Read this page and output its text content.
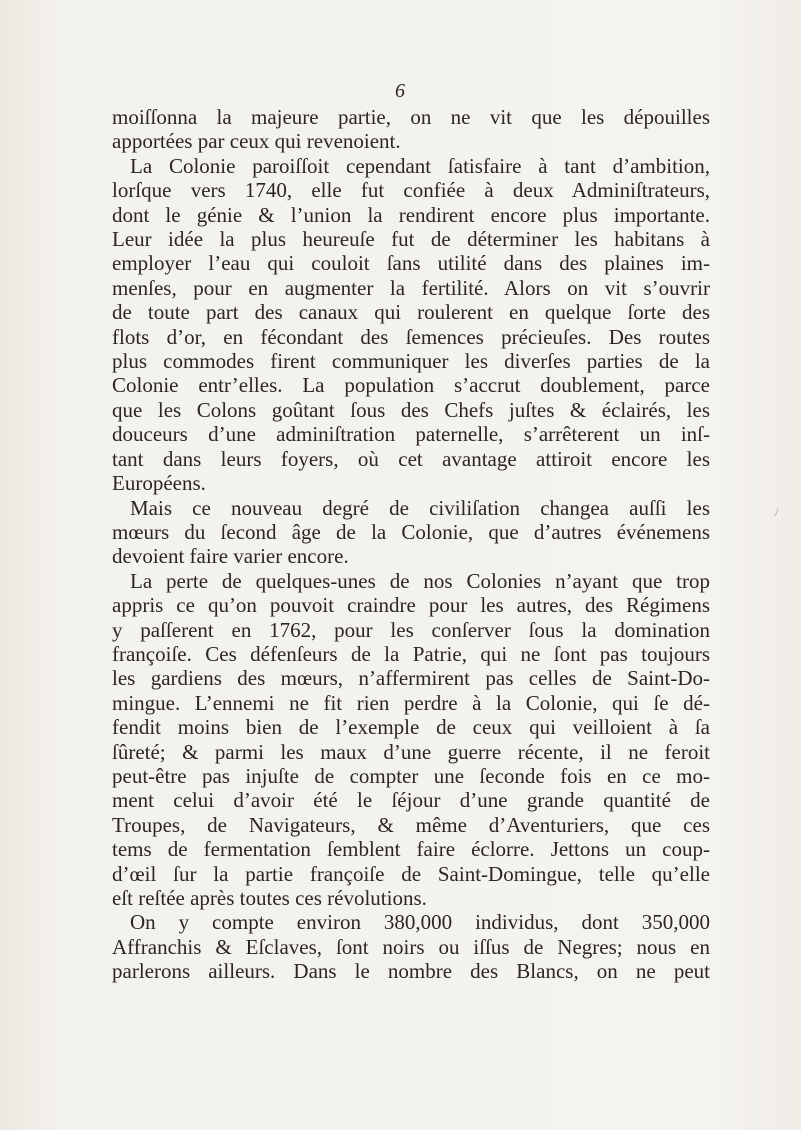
6
/
moiſſonna la majeure partie, on ne vit que les dépouilles
apportées par ceux qui revenoient.
La Colonie paroiſſoit cependant ſatisfaire à tant d’ambition,
lorſque vers 1740, elle fut confiée à deux Adminiſtrateurs,
dont le génie & l’union la rendirent encore plus importante.
Leur idée la plus heureuſe fut de déterminer les habitans à
employer l’eau qui couloit ſans utilité dans des plaines im-
menſes, pour en augmenter la fertilité. Alors on vit s’ouvrir
de toute part des canaux qui roulerent en quelque ſorte des
flots d’or, en fécondant des ſemences précieuſes. Des routes
plus commodes firent communiquer les diverſes parties de la
Colonie entr’elles. La population s’accrut doublement, parce
que les Colons goûtant ſous des Chefs juſtes & éclairés, les
douceurs d’une adminiſtration paternelle, s’arrêterent un inſ-
tant dans leurs foyers, où cet avantage attiroit encore les
Européens.
Mais ce nouveau degré de civiliſation changea auſſi les
mœurs du ſecond âge de la Colonie, que d’autres événemens
devoient faire varier encore.
La perte de quelques-unes de nos Colonies n’ayant que trop
appris ce qu’on pouvoit craindre pour les autres, des Régimens
y paſſerent en 1762, pour les conſerver ſous la domination
françoiſe. Ces défenſeurs de la Patrie, qui ne ſont pas toujours
les gardiens des mœurs, n’affermirent pas celles de Saint-Do-
mingue. L’ennemi ne fit rien perdre à la Colonie, qui ſe dé-
fendit moins bien de l’exemple de ceux qui veilloient à ſa
ſûreté; & parmi les maux d’une guerre récente, il ne feroit
peut-être pas injuſte de compter une ſeconde fois en ce mo-
ment celui d’avoir été le ſéjour d’une grande quantité de
Troupes, de Navigateurs, & même d’Aventuriers, que ces
tems de fermentation ſemblent faire éclorre. Jettons un coup-
d’œil ſur la partie françoiſe de Saint-Domingue, telle qu’elle
eſt reſtée après toutes ces révolutions.
On y compte environ 380,000 individus, dont 350,000
Affranchis & Eſclaves, ſont noirs ou iſſus de Negres; nous en
parlerons ailleurs. Dans le nombre des Blancs, on ne peut
